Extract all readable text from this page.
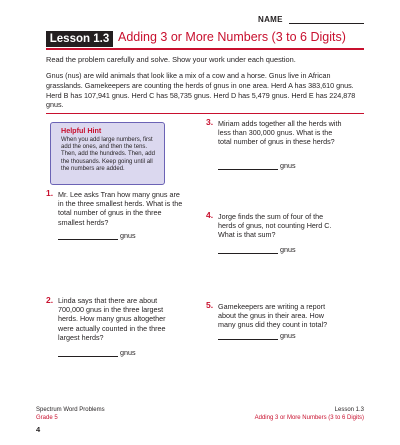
NAME
Lesson 1.3 Adding 3 or More Numbers (3 to 6 Digits)
Read the problem carefully and solve. Show your work under each question.
Gnus (nus) are wild animals that look like a mix of a cow and a horse. Gnus live in African grasslands. Gamekeepers are counting the herds of gnus in one area. Herd A has 383,610 gnus. Herd B has 107,941 gnus. Herd C has 58,735 gnus. Herd D has 5,479 gnus. Herd E has 224,878 gnus.
Helpful Hint
When you add large numbers, first add the ones, and then the tens. Then, add the hundreds. Then, add the thousands. Keep going until all the numbers are added.
1. Mr. Lee asks Tran how many gnus are in the three smallest herds. What is the total number of gnus in the three smallest herds?
gnus
2. Linda says that there are about 700,000 gnus in the three largest herds. How many gnus altogether were actually counted in the three largest herds?
gnus
3. Miriam adds together all the herds with less than 300,000 gnus. What is the total number of gnus in these herds?
gnus
4. Jorge finds the sum of four of the herds of gnus, not counting Herd C. What is that sum?
gnus
5. Gamekeepers are writing a report about the gnus in their area. How many gnus did they count in total?
gnus
Spectrum Word Problems
Grade 5
4
Lesson 1.3
Adding 3 or More Numbers (3 to 6 Digits)
